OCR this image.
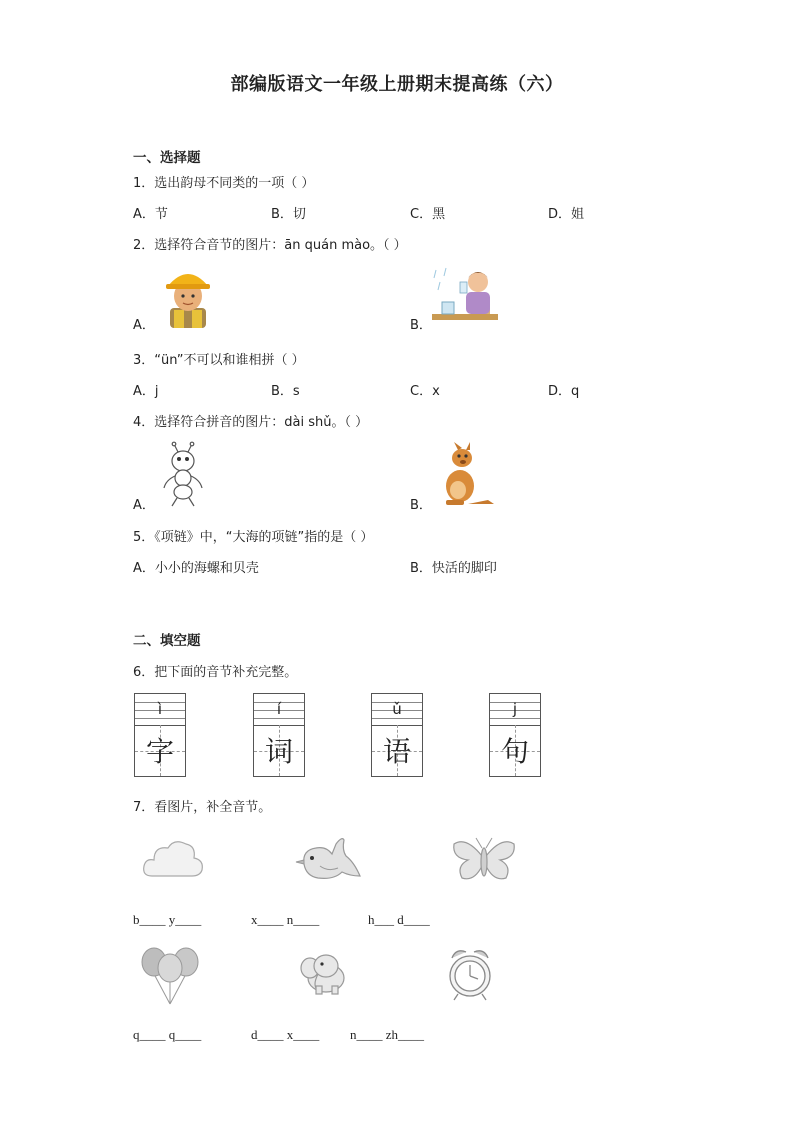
部编版语文一年级上册期末提高练（六）
一、选择题
1．选出韵母不同类的一项（ ）
A．节	B．切	C．黑	D．姐
2．选择符合音节的图片：ān quán mào。（ ）
A．	B．
3．“ün”不可以和谁相拼（ ）
A．j	B．s	C．x	D．q
4．选择符合拼音的图片：dài shǔ。（ ）
A．	B．
5．《项链》中，“大海的项链”指的是（ ）
A．小小的海螺和贝壳	B．快活的脚印
二、填空题
6．把下面的音节补充完整。
ì
字
í
词
ǔ
语
j
句
7．看图片，补全音节。
b____ y____	x____ n____	h___ d____
q____ q____	d____ x____ n____ zh____
